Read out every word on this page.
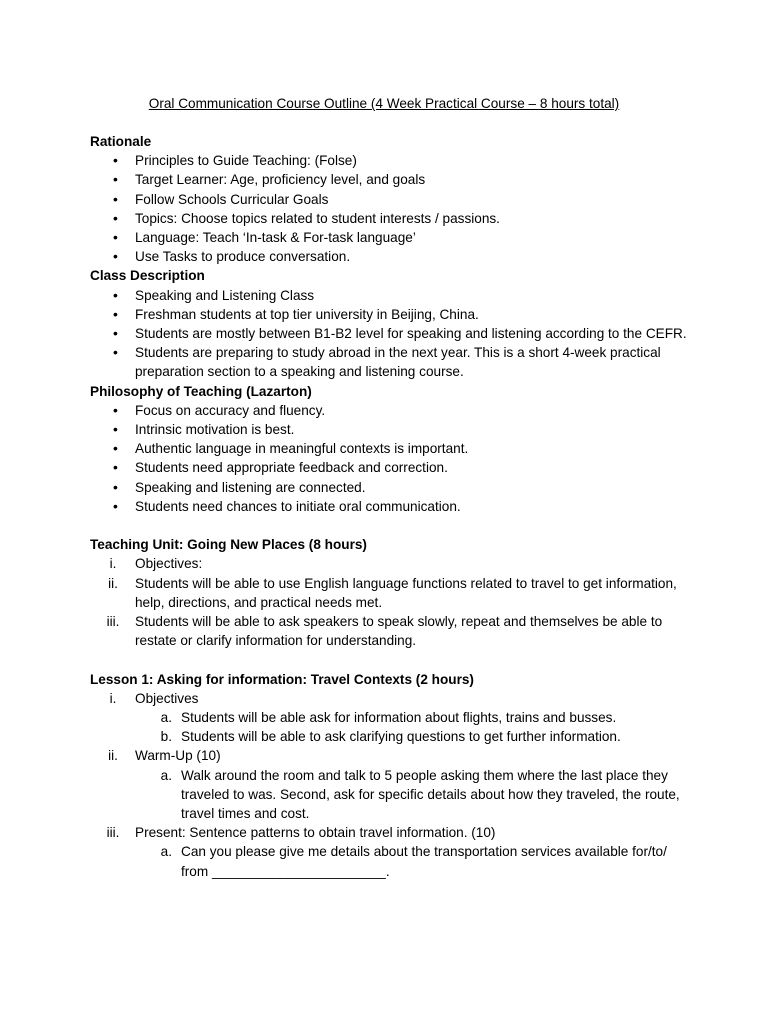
Oral Communication Course Outline (4 Week Practical Course – 8 hours total)

Rationale

• Principles to Guide Teaching: (Folse)
• Target Learner: Age, proficiency level, and goals
• Follow Schools Curricular Goals
• Topics: Choose topics related to student interests / passions.
• Language: Teach ‘In-task & For-task language’
• Use Tasks to produce conversation.

Class Description

• Speaking and Listening Class
• Freshman students at top tier university in Beijing, China.
• Students are mostly between B1-B2 level for speaking and listening according to the CEFR.
• Students are preparing to study abroad in the next year. This is a short 4-week practical preparation section to a speaking and listening course.

Philosophy of Teaching (Lazarton)

• Focus on accuracy and fluency.
• Intrinsic motivation is best.
• Authentic language in meaningful contexts is important.
• Students need appropriate feedback and correction.
• Speaking and listening are connected.
• Students need chances to initiate oral communication.

Teaching Unit: Going New Places (8 hours)

i.	Objectives:
ii.	Students will be able to use English language functions related to travel to get information, help, directions, and practical needs met.
iii.	Students will be able to ask speakers to speak slowly, repeat and themselves be able to restate or clarify information for understanding.

Lesson 1: Asking for information: Travel Contexts (2 hours)

i.	Objectives
a. Students will be able ask for information about flights, trains and busses.
b. Students will be able to ask clarifying questions to get further information.
ii.	Warm-Up (10)
a. Walk around the room and talk to 5 people asking them where the last place they traveled to was. Second, ask for specific details about how they traveled, the route, travel times and cost.
iii.	Present: Sentence patterns to obtain travel information. (10)
a. Can you please give me details about the transportation services available for/to/ from _______________________.
